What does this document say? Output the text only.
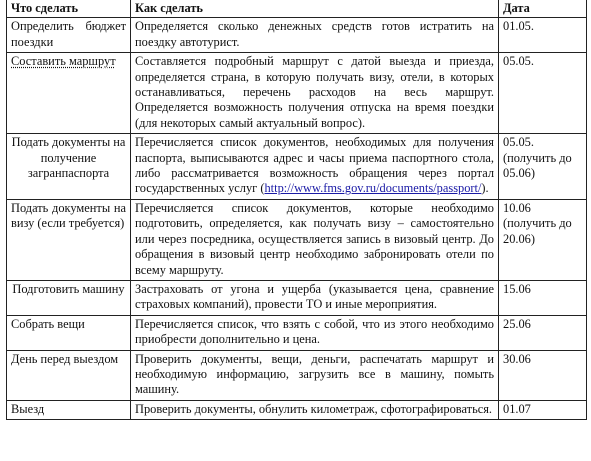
Что сделать	Как сделать	Дата
Определить бюджет поездки	Определяется сколько денежных средств готов истратить на поездку автотурист.	01.05.
Составить маршрут	Составляется подробный маршрут с датой выезда и приезда, определяется страна, в которую получать визу, отели, в которых останавливаться, перечень расходов на весь маршрут. Определяется возможность получения отпуска на время поездки (для некоторых самый актуальный вопрос).	05.05.
Подать документы на получение загранпаспорта	Перечисляется список документов, необходимых для получения паспорта, выписываются адрес и часы приема паспортного стола, либо рассматривается возможность обращения через портал государственных услуг (http://www.fms.gov.ru/documents/passport/).	05.05. (получить до 05.06)
Подать документы на визу (если требуется)	Перечисляется список документов, которые необходимо подготовить, определяется, как получать визу – самостоятельно или через посредника, осуществляется запись в визовый центр. До обращения в визовый центр необходимо забронировать отели по всему маршруту.	10.06 (получить до 20.06)
Подготовить машину	Застраховать от угона и ущерба (указывается цена, сравнение страховых компаний), провести ТО и иные мероприятия.	15.06
Собрать вещи	Перечисляется список, что взять с собой, что из этого необходимо приобрести дополнительно и цена.	25.06
День перед выездом	Проверить документы, вещи, деньги, распечатать маршрут и необходимую информацию, загрузить все в машину, помыть машину.	30.06
Выезд	Проверить документы, обнулить километраж, сфотографироваться.	01.07
